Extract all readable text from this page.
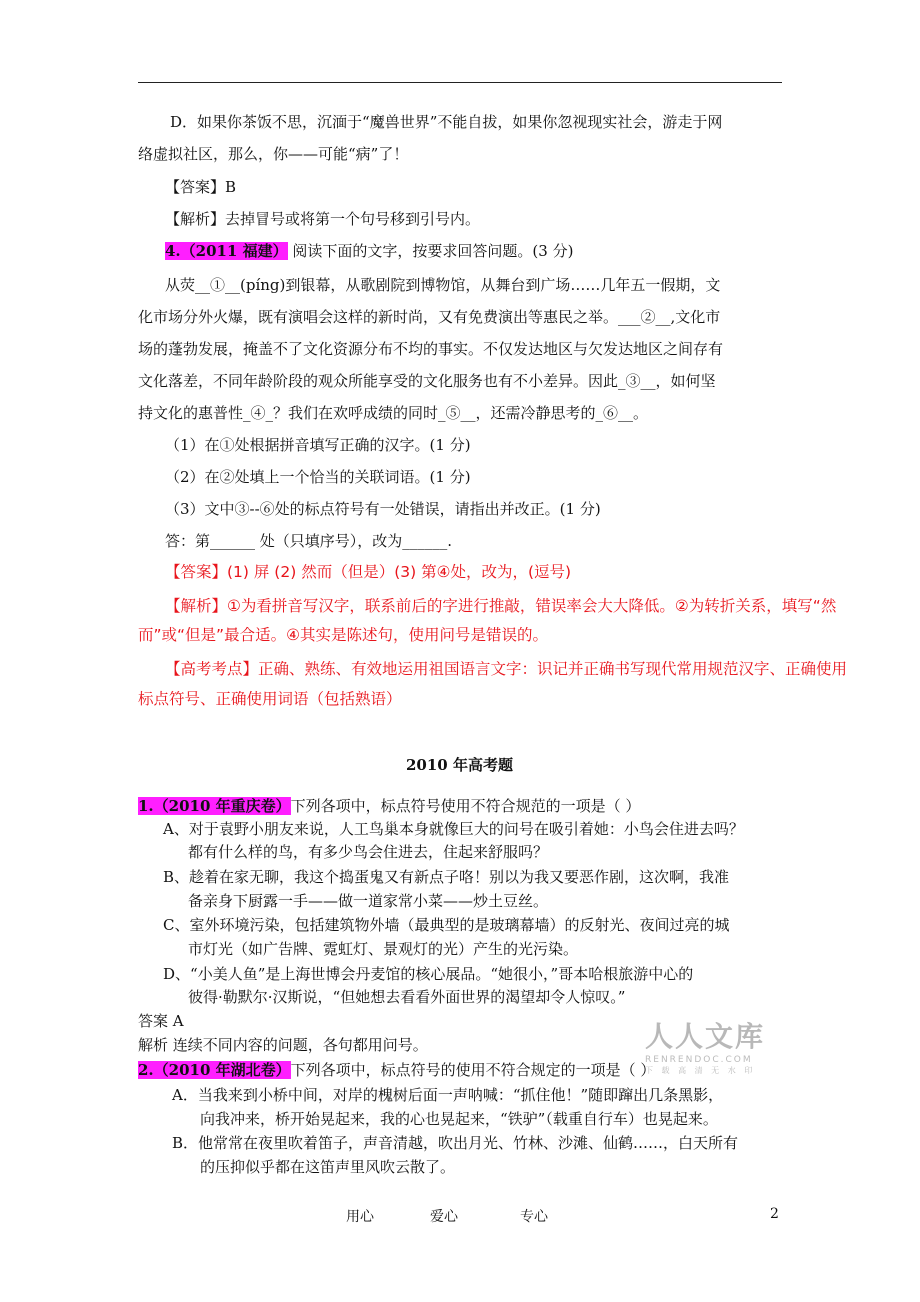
D．如果你茶饭不思，沉湎于“魔兽世界”不能自拔，如果你忽视现实社会，游走于网
络虚拟社区，那么，你——可能“病”了！
【答案】B
【解析】去掉冒号或将第一个句号移到引号内。
4.（2011 福建） 阅读下面的文字，按要求回答问题。(3 分)
从荧__①__(píng)到银幕，从歌剧院到博物馆，从舞台到广场……几年五一假期，文
化市场分外火爆，既有演唱会这样的新时尚，又有免费演出等惠民之举。___②__,文化市
场的蓬勃发展，掩盖不了文化资源分布不均的事实。不仅发达地区与欠发达地区之间存有
文化落差，不同年龄阶段的观众所能享受的文化服务也有不小差异。因此_③__，如何坚
持文化的惠普性_④_？我们在欢呼成绩的同时_⑤__，还需冷静思考的_⑥__。
（1）在①处根据拼音填写正确的汉字。(1 分)
（2）在②处填上一个恰当的关联词语。(1 分)
（3）文中③--⑥处的标点符号有一处错误，请指出并改正。(1 分)
答：第______ 处（只填序号），改为______.
【答案】(1) 屏 (2) 然而（但是）(3) 第④处，改为，(逗号)
【解析】①为看拼音写汉字，联系前后的字进行推敲，错误率会大大降低。②为转折关系，填写“然
而”或“但是”最合适。④其实是陈述句，使用问号是错误的。
【高考考点】正确、熟练、有效地运用祖国语言文字：识记并正确书写现代常用规范汉字、正确使用
标点符号、正确使用词语（包括熟语）
2010 年高考题
1.（2010 年重庆卷）下列各项中，标点符号使用不符合规范的一项是（ ）
A、对于袁野小朋友来说，人工鸟巢本身就像巨大的问号在吸引着她：小鸟会住进去吗？
都有什么样的鸟，有多少鸟会住进去，住起来舒服吗？
B、趁着在家无聊，我这个捣蛋鬼又有新点子咯！别以为我又要恶作剧，这次啊，我准
备亲身下厨露一手——做一道家常小菜——炒土豆丝。
C、室外环境污染，包括建筑物外墙（最典型的是玻璃幕墙）的反射光、夜间过亮的城
市灯光（如广告牌、霓虹灯、景观灯的光）产生的光污染。
D、“小美人鱼”是上海世博会丹麦馆的核心展品。“她很小，”哥本哈根旅游中心的
彼得·勒默尔·汉斯说，“但她想去看看外面世界的渴望却令人惊叹。”
答案 A
解析 连续不同内容的问题，各句都用问号。
2.（2010 年湖北卷）下列各项中，标点符号的使用不符合规定的一项是（ ）
A．当我来到小桥中间，对岸的槐树后面一声呐喊：“抓住他！”随即蹿出几条黑影，
向我冲来，桥开始晃起来，我的心也晃起来，“铁驴”（载重自行车）也晃起来。
B．他常常在夜里吹着笛子，声音清越，吹出月光、竹林、沙滩、仙鹤……，白天所有
的压抑似乎都在这笛声里风吹云散了。
人人文库
RENRENDOC.COM
下 载 高 清 无 水 印
用心	爱心	专心	2
